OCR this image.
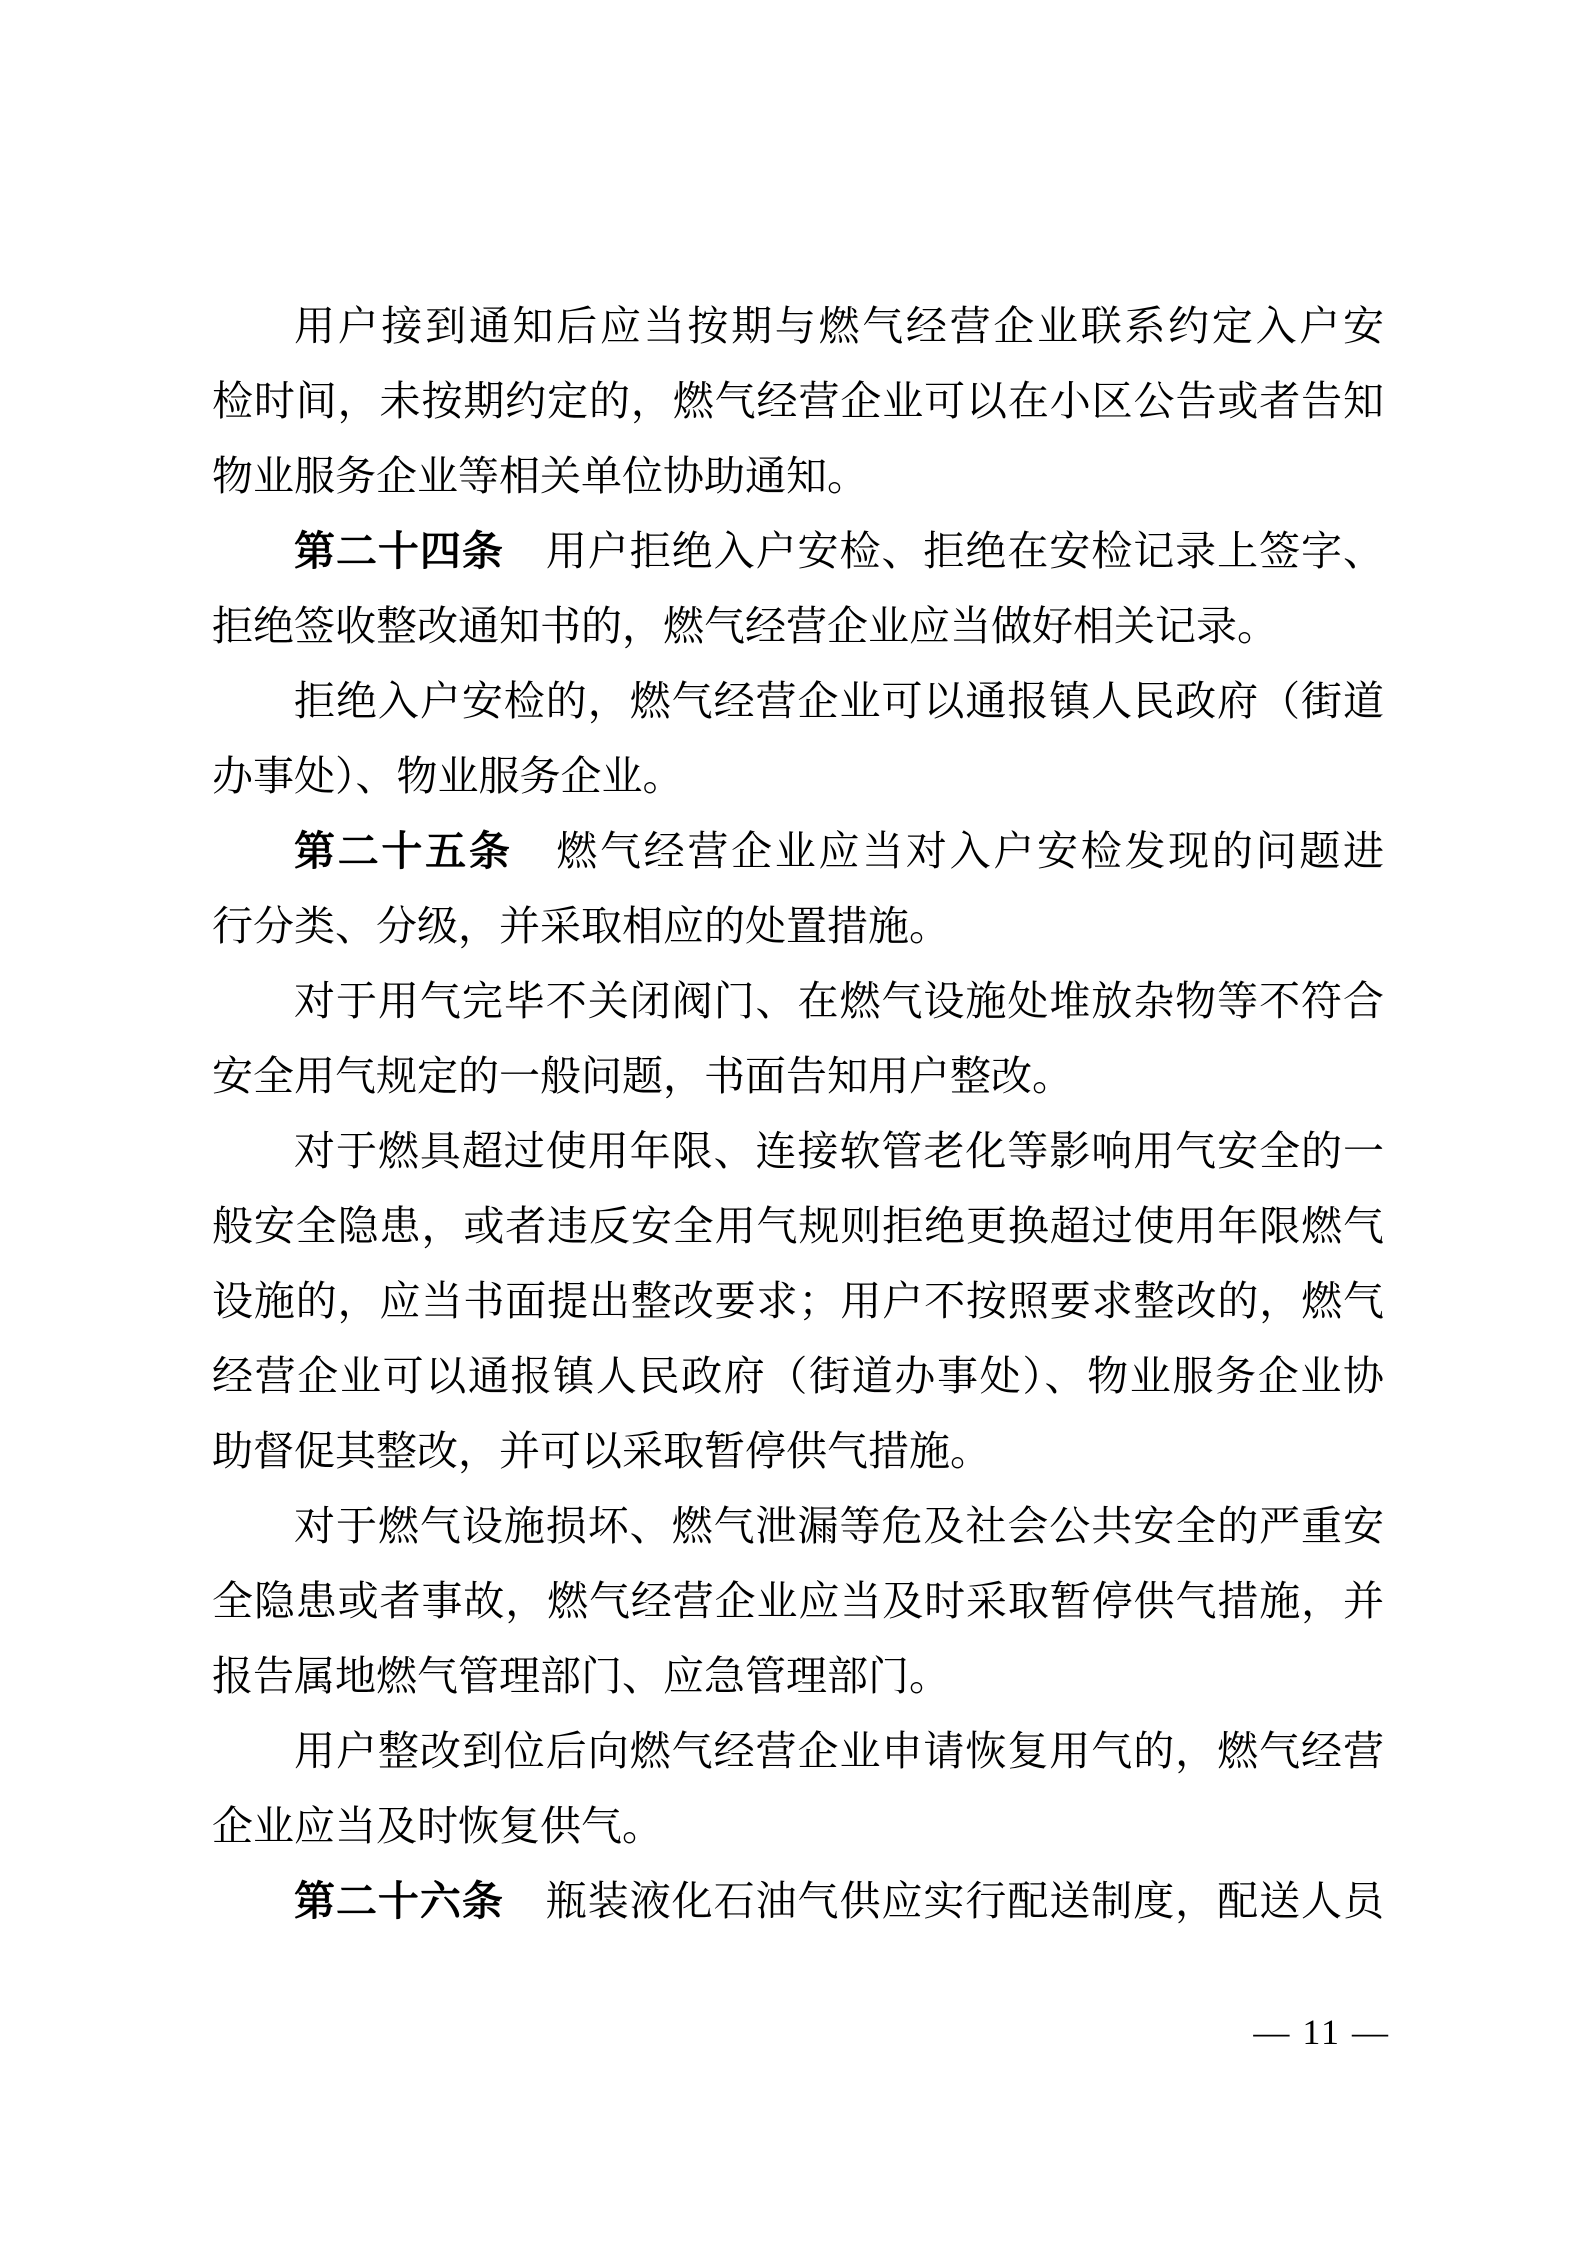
用户接到通知后应当按期与燃气经营企业联系约定入户安
检时间，未按期约定的，燃气经营企业可以在小区公告或者告知
物业服务企业等相关单位协助通知。
第二十四条　用户拒绝入户安检、拒绝在安检记录上签字、
拒绝签收整改通知书的，燃气经营企业应当做好相关记录。
拒绝入户安检的，燃气经营企业可以通报镇人民政府（街道
办事处）、物业服务企业。
第二十五条　燃气经营企业应当对入户安检发现的问题进
行分类、分级，并采取相应的处置措施。
对于用气完毕不关闭阀门、在燃气设施处堆放杂物等不符合
安全用气规定的一般问题，书面告知用户整改。
对于燃具超过使用年限、连接软管老化等影响用气安全的一
般安全隐患，或者违反安全用气规则拒绝更换超过使用年限燃气
设施的，应当书面提出整改要求；用户不按照要求整改的，燃气
经营企业可以通报镇人民政府（街道办事处）、物业服务企业协
助督促其整改，并可以采取暂停供气措施。
对于燃气设施损坏、燃气泄漏等危及社会公共安全的严重安
全隐患或者事故，燃气经营企业应当及时采取暂停供气措施，并
报告属地燃气管理部门、应急管理部门。
用户整改到位后向燃气经营企业申请恢复用气的，燃气经营
企业应当及时恢复供气。
第二十六条　瓶装液化石油气供应实行配送制度，配送人员
— 11 —
